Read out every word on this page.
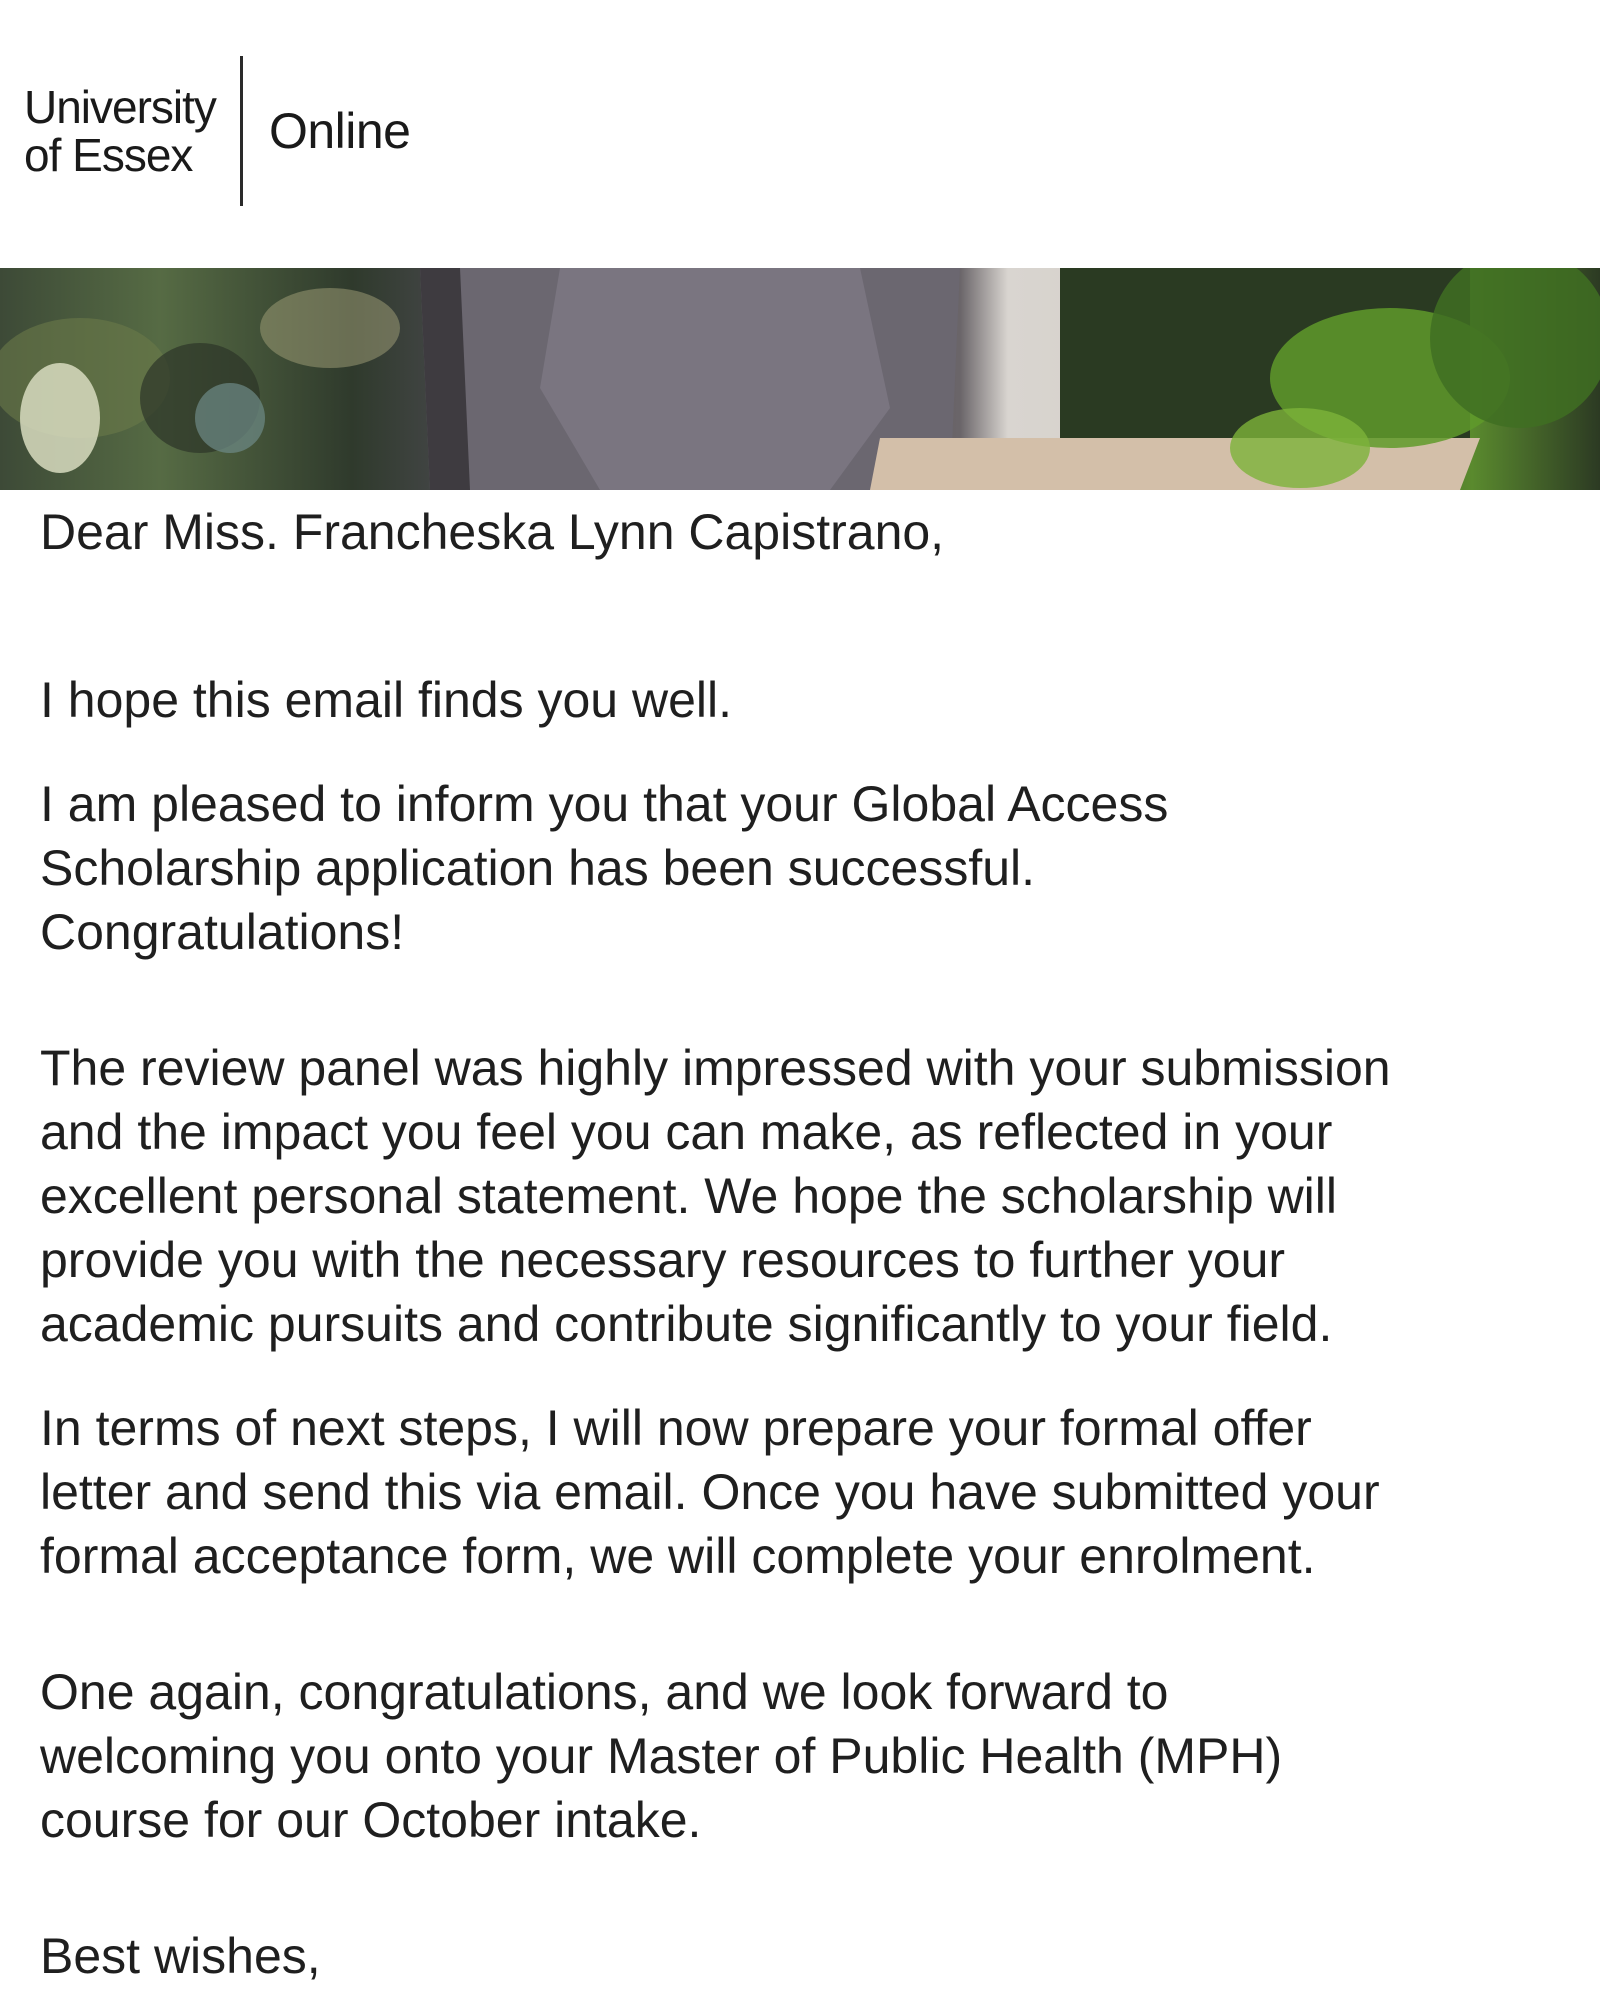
University
of Essex	Online

Dear Miss. Francheska Lynn Capistrano,

I hope this email finds you well.

I am pleased to inform you that your Global Access
Scholarship application has been successful.
Congratulations!

The review panel was highly impressed with your submission
and the impact you feel you can make, as reflected in your
excellent personal statement. We hope the scholarship will
provide you with the necessary resources to further your
academic pursuits and contribute significantly to your field.

In terms of next steps, I will now prepare your formal offer
letter and send this via email. Once you have submitted your
formal acceptance form, we will complete your enrolment.

One again, congratulations, and we look forward to
welcoming you onto your Master of Public Health (MPH)
course for our October intake.

Best wishes,
